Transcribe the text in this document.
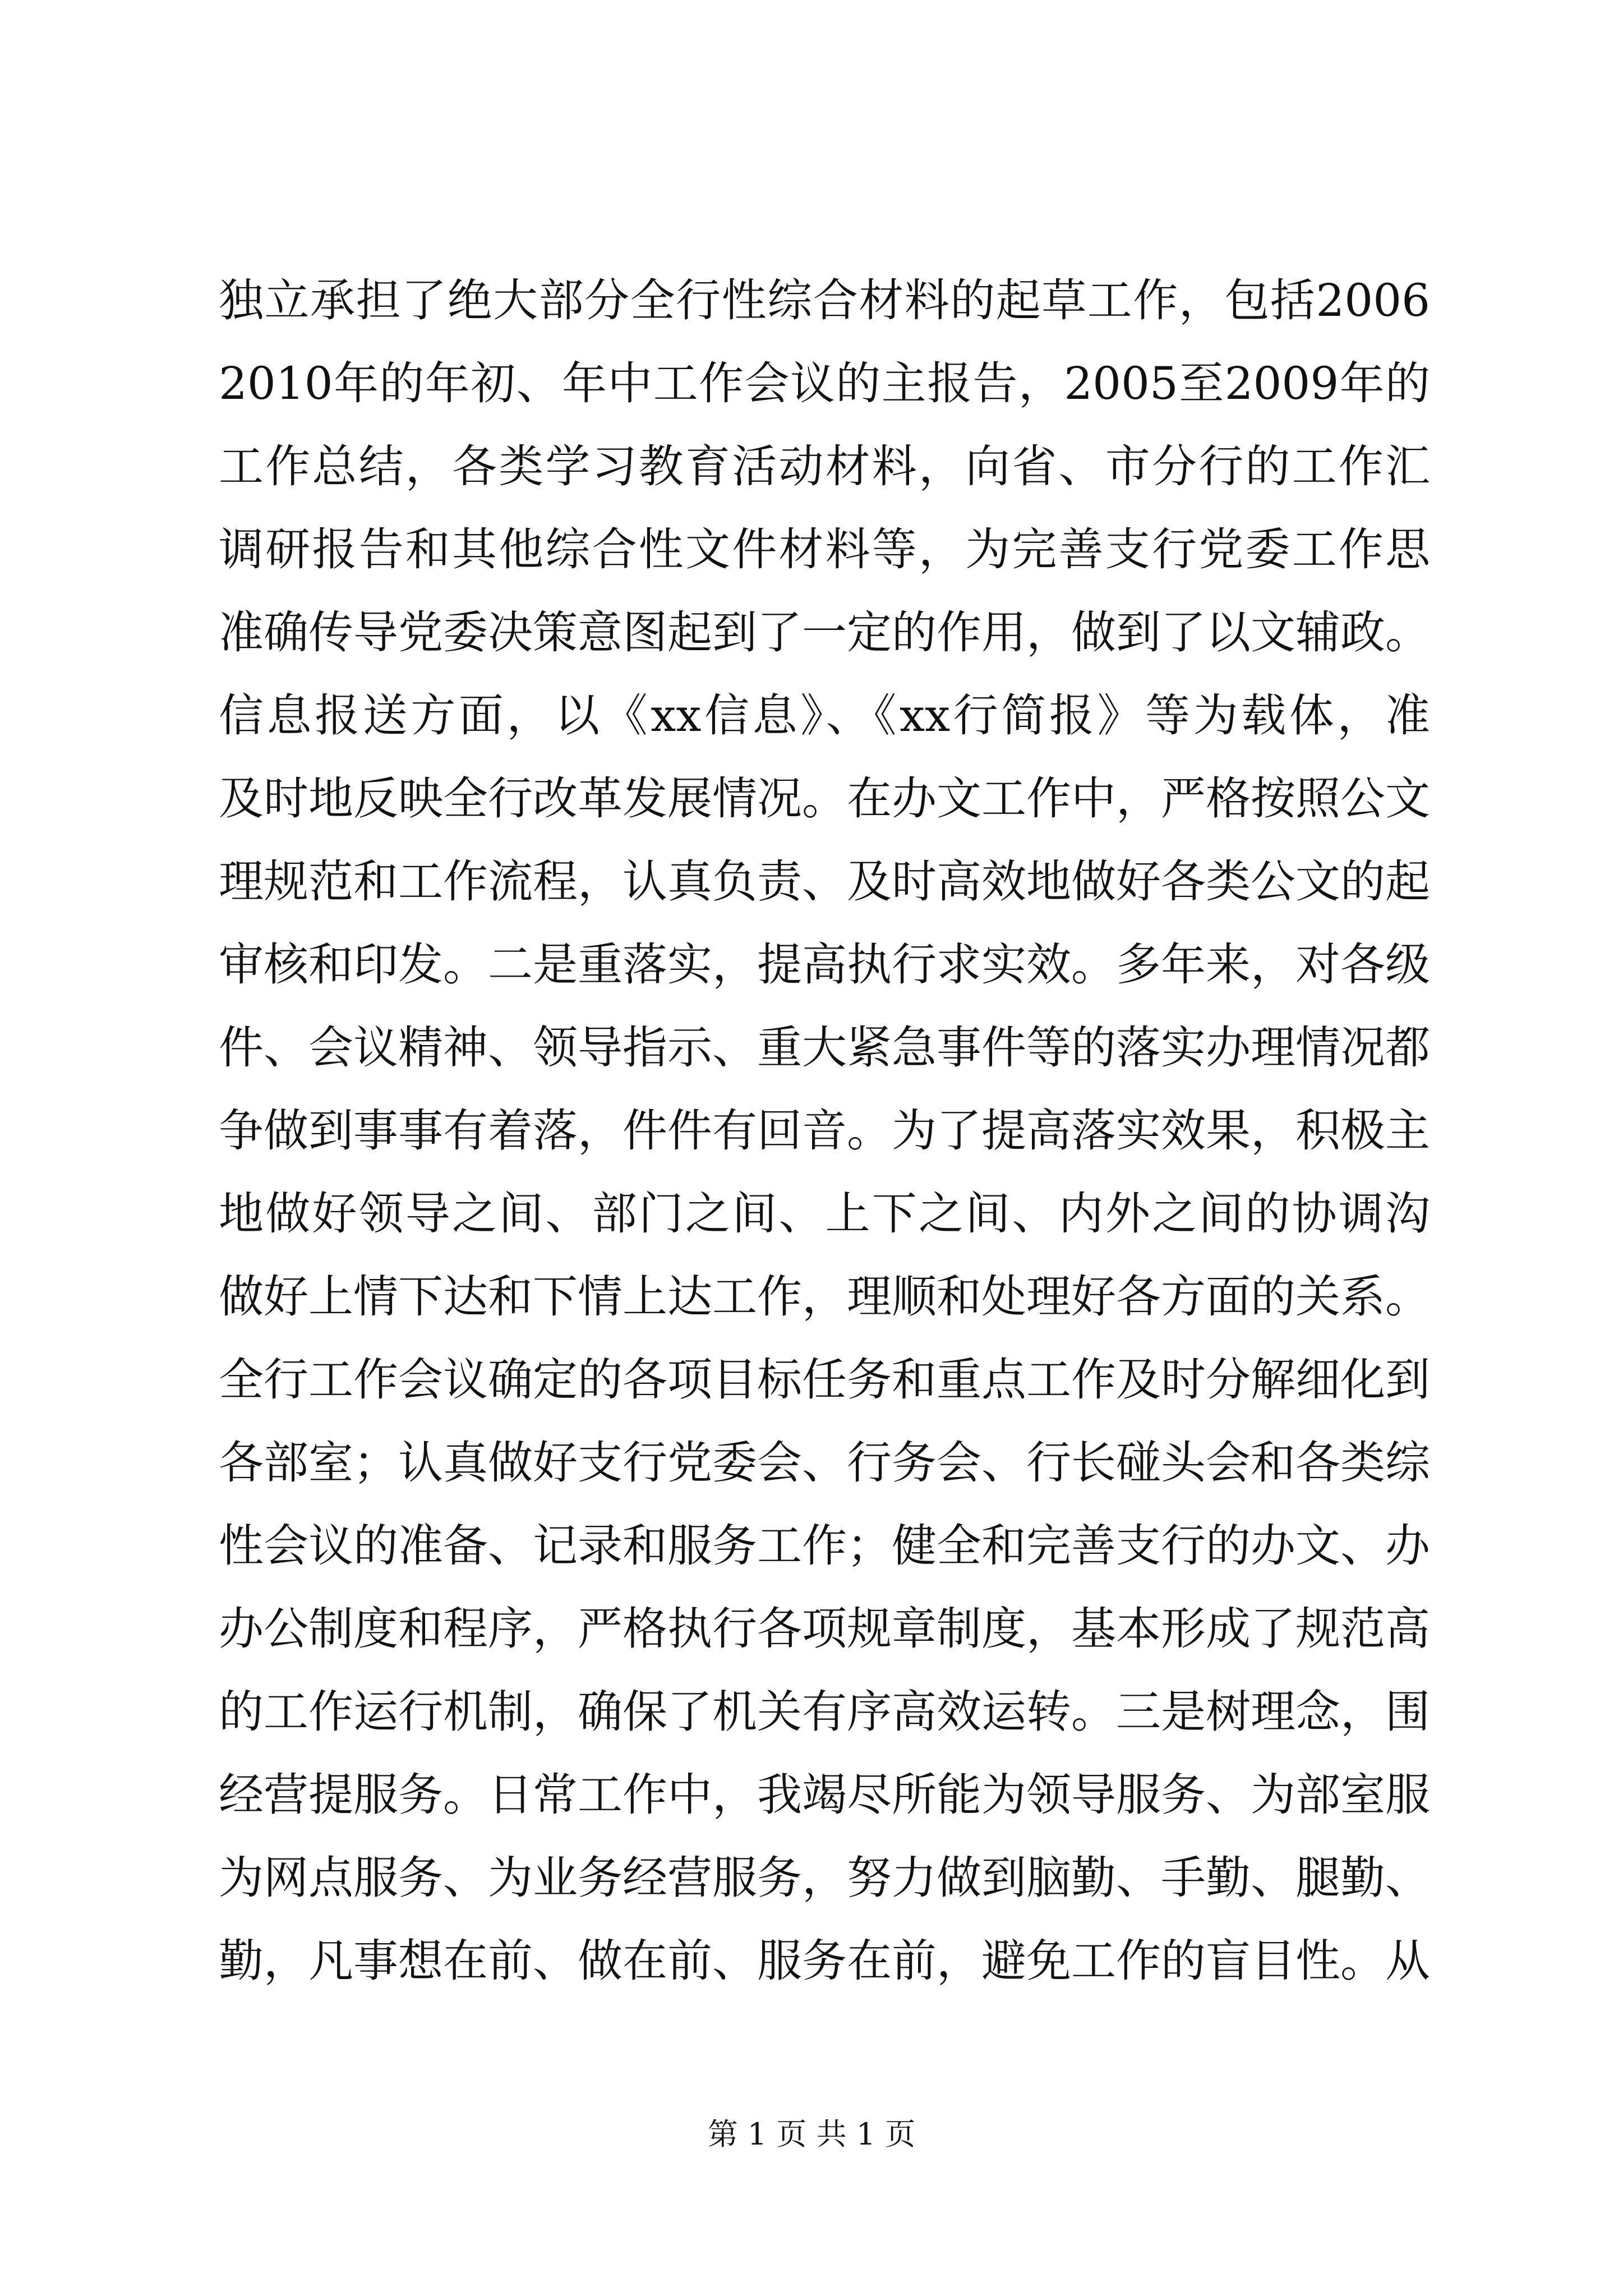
独立承担了绝大部分全行性综合材料的起草工作，包括2006
2010年的年初、年中工作会议的主报告，2005至2009年的
工作总结，各类学习教育活动材料，向省、市分行的工作汇
调研报告和其他综合性文件材料等，为完善支行党委工作思
准确传导党委决策意图起到了一定的作用，做到了以文辅政。
信息报送方面，以《xx信息》、《xx行简报》等为载体，准
及时地反映全行改革发展情况。在办文工作中，严格按照公文
理规范和工作流程，认真负责、及时高效地做好各类公文的起
审核和印发。二是重落实，提高执行求实效。多年来，对各级
件、会议精神、领导指示、重大紧急事件等的落实办理情况都
争做到事事有着落，件件有回音。为了提高落实效果，积极主
地做好领导之间、部门之间、上下之间、内外之间的协调沟
做好上情下达和下情上达工作，理顺和处理好各方面的关系。
全行工作会议确定的各项目标任务和重点工作及时分解细化到
各部室；认真做好支行党委会、行务会、行长碰头会和各类综
性会议的准备、记录和服务工作；健全和完善支行的办文、办
办公制度和程序，严格执行各项规章制度，基本形成了规范高
的工作运行机制，确保了机关有序高效运转。三是树理念，围
经营提服务。日常工作中，我竭尽所能为领导服务、为部室服
为网点服务、为业务经营服务，努力做到脑勤、手勤、腿勤、
勤，凡事想在前、做在前、服务在前，避免工作的盲目性。从
第 1 页 共 1 页
